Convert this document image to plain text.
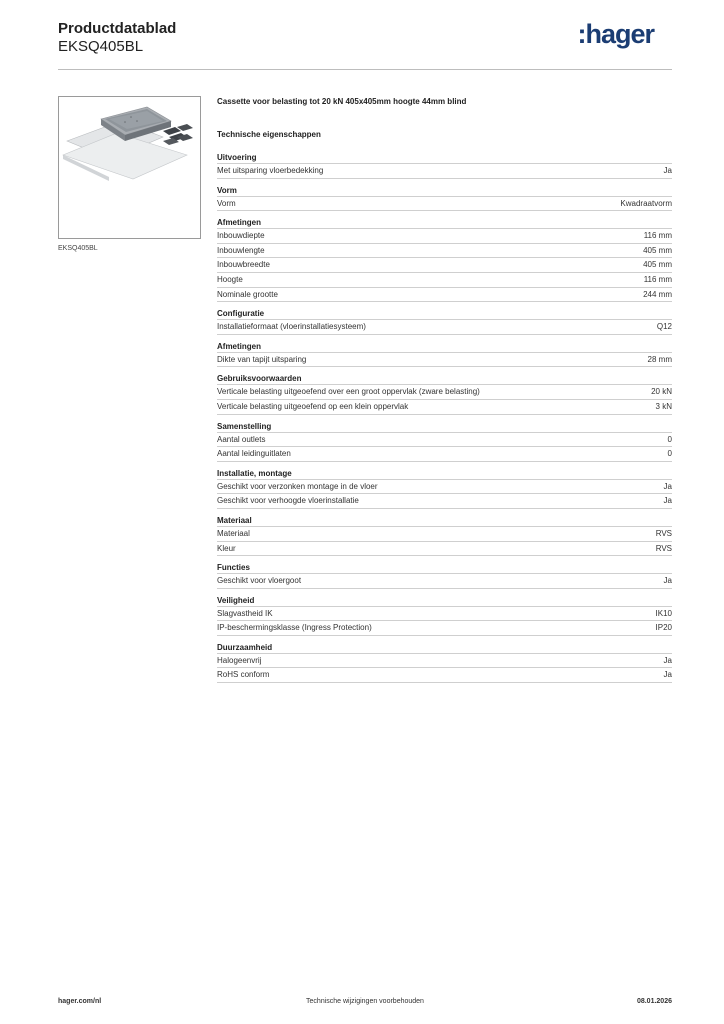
Productdatablad
EKSQ405BL	:hager
EKSQ405BL
Cassette voor belasting tot 20 kN 405x405mm hoogte 44mm blind
Technische eigenschappen
Uitvoering
Met uitsparing vloerbedekking	Ja
Vorm
Vorm	Kwadraatvorm
Afmetingen
Inbouwdiepte	116 mm
Inbouwlengte	405 mm
Inbouwbreedte	405 mm
Hoogte	116 mm
Nominale grootte	244 mm
Configuratie
Installatieformaat (vloerinstallatiesysteem)	Q12
Afmetingen
Dikte van tapijt uitsparing	28 mm
Gebruiksvoorwaarden
Verticale belasting uitgeoefend over een groot oppervlak (zware belasting)	20 kN
Verticale belasting uitgeoefend op een klein oppervlak	3 kN
Samenstelling
Aantal outlets	0
Aantal leidinguitlaten	0
Installatie, montage
Geschikt voor verzonken montage in de vloer	Ja
Geschikt voor verhoogde vloerinstallatie	Ja
Materiaal
Materiaal	RVS
Kleur	RVS
Functies
Geschikt voor vloergoot	Ja
Veiligheid
Slagvastheid IK	IK10
IP-beschermingsklasse (Ingress Protection)	IP20
Duurzaamheid
Halogeenvrij	Ja
RoHS conform	Ja
hager.com/nl	Technische wijzigingen voorbehouden	08.01.2026
